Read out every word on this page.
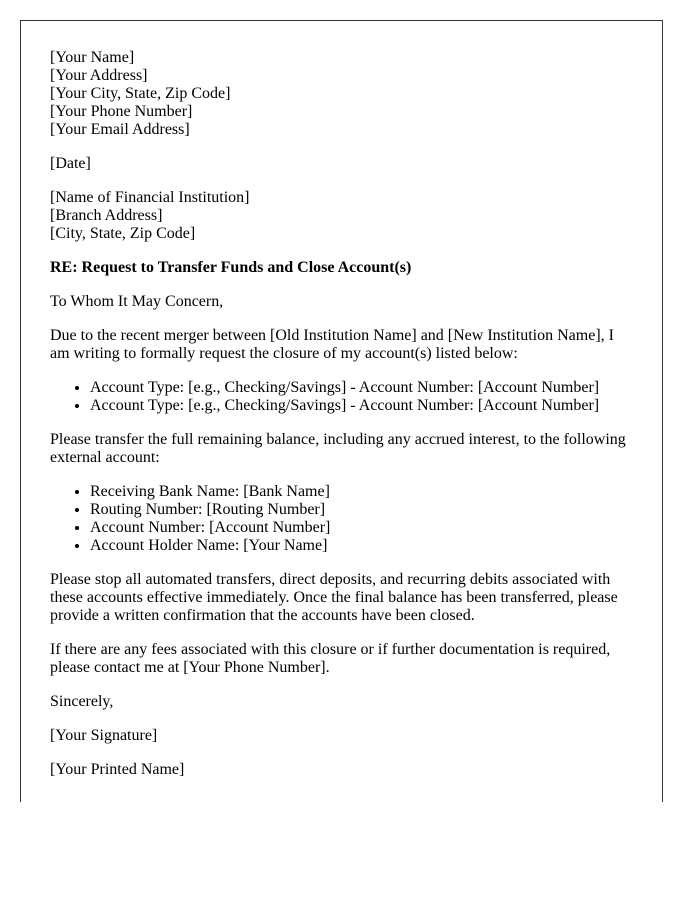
[Your Name]
[Your Address]
[Your City, State, Zip Code]
[Your Phone Number]
[Your Email Address]
[Date]
[Name of Financial Institution]
[Branch Address]
[City, State, Zip Code]
RE: Request to Transfer Funds and Close Account(s)
To Whom It May Concern,
Due to the recent merger between [Old Institution Name] and [New Institution Name], I am writing to formally request the closure of my account(s) listed below:
• Account Type: [e.g., Checking/Savings] - Account Number: [Account Number]
• Account Type: [e.g., Checking/Savings] - Account Number: [Account Number]
Please transfer the full remaining balance, including any accrued interest, to the following external account:
• Receiving Bank Name: [Bank Name]
• Routing Number: [Routing Number]
• Account Number: [Account Number]
• Account Holder Name: [Your Name]
Please stop all automated transfers, direct deposits, and recurring debits associated with these accounts effective immediately. Once the final balance has been transferred, please provide a written confirmation that the accounts have been closed.
If there are any fees associated with this closure or if further documentation is required, please contact me at [Your Phone Number].
Sincerely,
[Your Signature]
[Your Printed Name]
